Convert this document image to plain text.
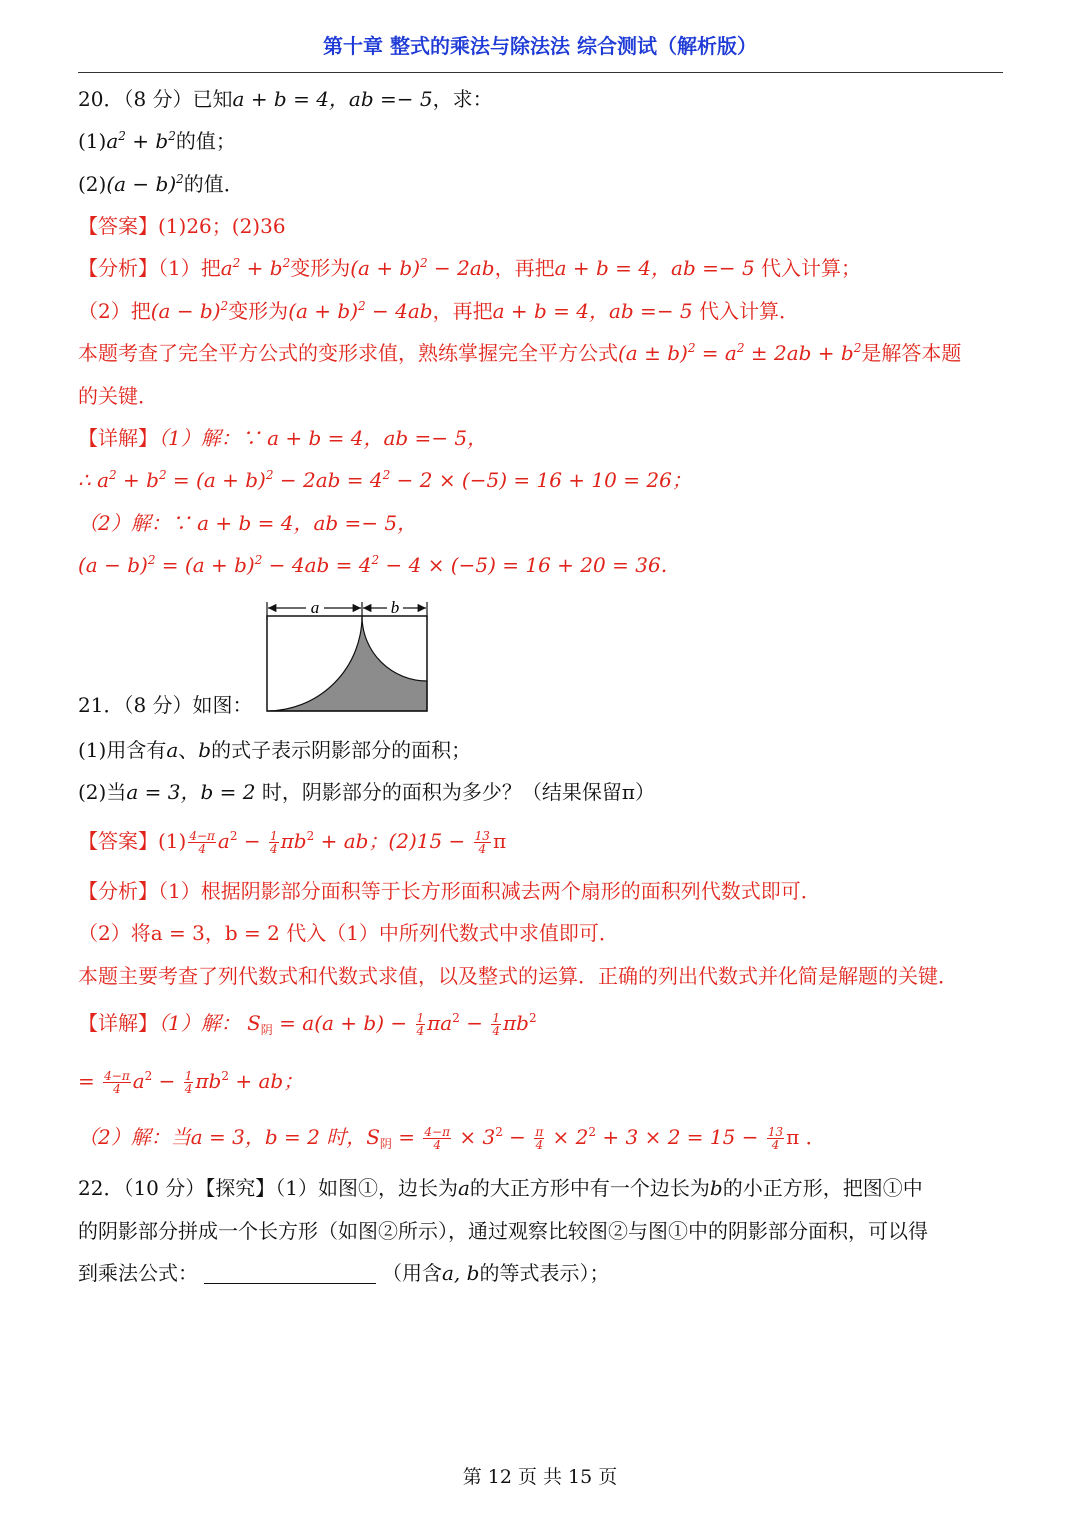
第十章 整式的乘法与除法法 综合测试（解析版）
20．（8 分）已知a + b = 4，ab =− 5，求：
$(1)a^2 + b^2$的值；
$(2)(a - b)^2$的值．
【答案】(1)26；(2)36
【分析】（1）把$a^2 + b^2$变形为$(a + b)^2 - 2ab$，再把a + b = 4，ab =− 5 代入计算；
（2）把$(a - b)^2$变形为$(a + b)^2 - 4ab$，再把a + b = 4，ab =− 5 代入计算．
本题考查了完全平方公式的变形求值，熟练掌握完全平方公式$(a \pm b)^2 = a^2 \pm 2ab + b^2$是解答本题
的关键．
【详解】（1）解：∵ a + b = 4，ab =− 5，
∴ $a^2 + b^2 = (a + b)^2 - 2ab = 4^2 - 2 \times (-5) = 16 + 10 = 26$；
（2）解：∵ a + b = 4，ab =− 5，
$(a - b)^2 = (a + b)^2 - 4ab = 4^2 - 4 \times (-5) = 16 + 20 = 36$．
a	b
21．（8 分）如图：
(1)用含有a、b的式子表示阴影部分的面积；
(2)当a = 3，b = 2 时，阴影部分的面积为多少？（结果保留π）
【答案】$(1) \frac{4-\pi}{4} a^2 - \frac{1}{4} \pi b^2$ + ab；$(2)15 - \frac{13}{4}$ π
【分析】（1）根据阴影部分面积等于长方形面积减去两个扇形的面积列代数式即可．
（2）将a = 3，b = 2 代入（1）中所列代数式中求值即可．
本题主要考查了列代数式和代数式求值，以及整式的运算．正确的列出代数式并化简是解题的关键．
【详解】（1）解： $S_阴 = a(a + b) - \frac{1}{4} \pi a^2 - \frac{1}{4} \pi b^2$
= $\frac{4-\pi}{4} a^2 - \frac{1}{4} \pi b^2$ + ab；
（2）解：当a = 3，b = 2 时，$S_阴 = \frac{4-\pi}{4} \times 3^2 - \frac{\pi}{4} \times 2^2 + 3 \times 2 = 15 - \frac{13}{4}$ π ．
22．（10 分）【探究】（1）如图①，边长为a的大正方形中有一个边长为b的小正方形，把图①中
的阴影部分拼成一个长方形（如图②所示），通过观察比较图②与图①中的阴影部分面积，可以得
到乘法公式：	（用含a, b的等式表示）；
第 12 页 共 15 页
